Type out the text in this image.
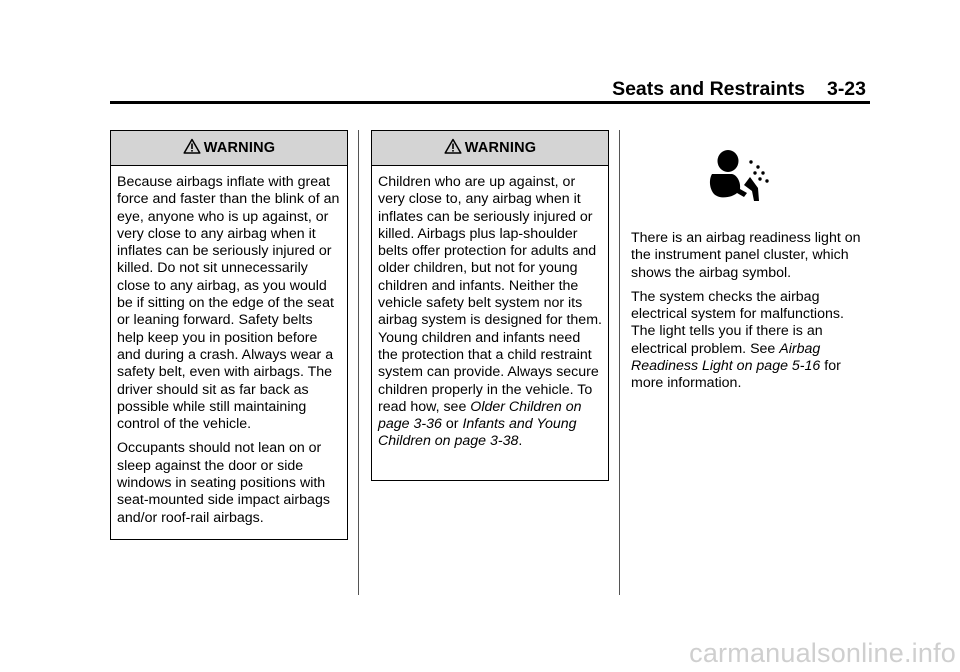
Seats and Restraints 3-23
WARNING

Because airbags inflate with great force and faster than the blink of an eye, anyone who is up against, or very close to any airbag when it inflates can be seriously injured or killed. Do not sit unnecessarily close to any airbag, as you would be if sitting on the edge of the seat or leaning forward. Safety belts help keep you in position before and during a crash. Always wear a safety belt, even with airbags. The driver should sit as far back as possible while still maintaining control of the vehicle.

Occupants should not lean on or sleep against the door or side windows in seating positions with seat-mounted side impact airbags and/or roof-rail airbags.

WARNING

Children who are up against, or very close to, any airbag when it inflates can be seriously injured or killed. Airbags plus lap-shoulder belts offer protection for adults and older children, but not for young children and infants. Neither the vehicle safety belt system nor its airbag system is designed for them. Young children and infants need the protection that a child restraint system can provide. Always secure children properly in the vehicle. To read how, see Older Children on page 3-36 or Infants and Young Children on page 3-38.

There is an airbag readiness light on the instrument panel cluster, which shows the airbag symbol.

The system checks the airbag electrical system for malfunctions. The light tells you if there is an electrical problem. See Airbag Readiness Light on page 5-16 for more information.

carmanualsonline.info
